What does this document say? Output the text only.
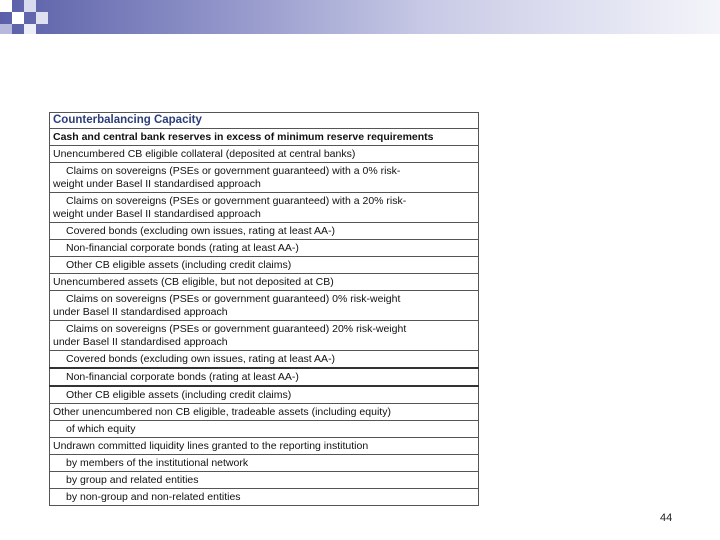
Counterbalancing Capacity
Cash and central bank reserves in excess of minimum reserve requirements
Unencumbered CB eligible collateral (deposited at central banks)

Claims on sovereigns (PSEs or government guaranteed) with a 0% risk-
weight under Basel II standardised approach

Claims on sovereigns (PSEs or government guaranteed) with a 20% risk-
weight under Basel II standardised approach

Covered bonds (excluding own issues, rating at least AA-)
Non-financial corporate bonds (rating at least AA-)
Other CB eligible assets (including credit claims)
Unencumbered assets (CB eligible, but not deposited at CB)

Claims on sovereigns (PSEs or government guaranteed) 0% risk-weight
under Basel II standardised approach

Claims on sovereigns (PSEs or government guaranteed) 20% risk-weight
under Basel II standardised approach

Covered bonds (excluding own issues, rating at least AA-)
Non-financial corporate bonds (rating at least AA-)
Other CB eligible assets (including credit claims)
Other unencumbered non CB eligible, tradeable assets (including equity)
of which equity
Undrawn committed liquidity lines granted to the reporting institution
by members of the institutional network
by group and related entities
by non-group and non-related entities
44
